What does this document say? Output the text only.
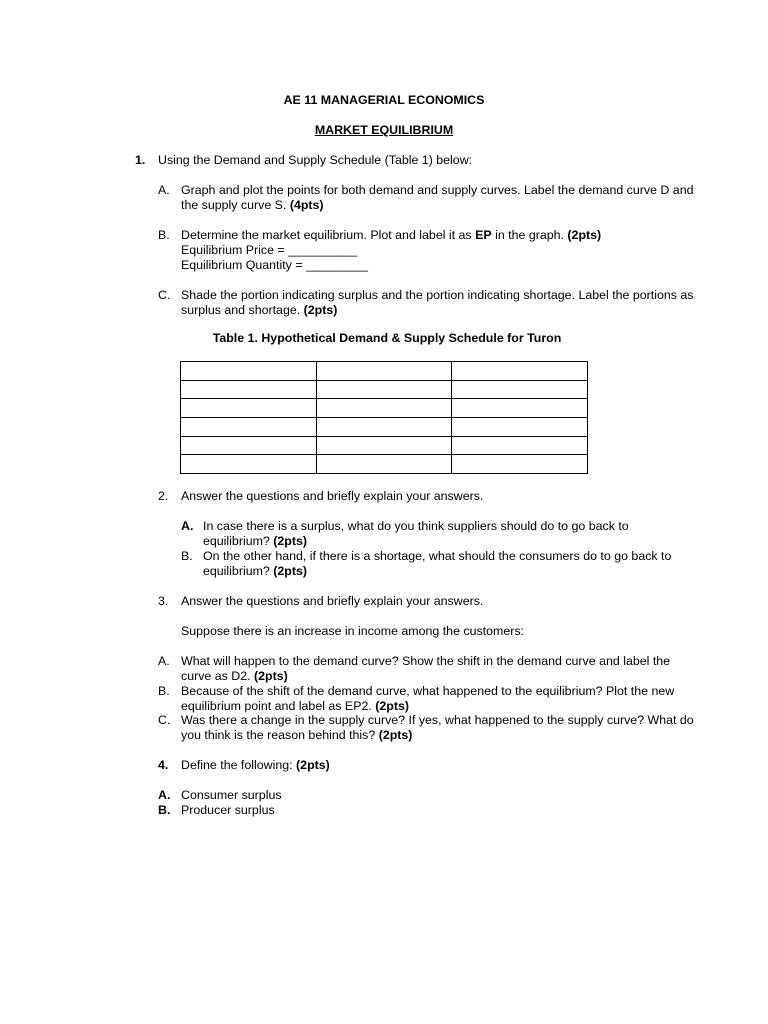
AE 11 MANAGERIAL ECONOMICS
MARKET EQUILIBRIUM
1. Using the Demand and Supply Schedule (Table 1) below:
A. Graph and plot the points for both demand and supply curves. Label the demand curve D and
the supply curve S. (4pts)
B. Determine the market equilibrium. Plot and label it as EP in the graph. (2pts)
Equilibrium Price = __________
Equilibrium Quantity = _________
C. Shade the portion indicating surplus and the portion indicating shortage. Label the portions as
surplus and shortage. (2pts)
Table 1. Hypothetical Demand & Supply Schedule for Turon

2. Answer the questions and briefly explain your answers.
A. In case there is a surplus, what do you think suppliers should do to go back to
equilibrium? (2pts)
B. On the other hand, if there is a shortage, what should the consumers do to go back to
equilibrium? (2pts)
3. Answer the questions and briefly explain your answers.
Suppose there is an increase in income among the customers:
A. What will happen to the demand curve? Show the shift in the demand curve and label the
curve as D2. (2pts)
B. Because of the shift of the demand curve, what happened to the equilibrium? Plot the new
equilibrium point and label as EP2. (2pts)
C. Was there a change in the supply curve? If yes, what happened to the supply curve? What do
you think is the reason behind this? (2pts)
4. Define the following: (2pts)
A. Consumer surplus
B. Producer surplus
